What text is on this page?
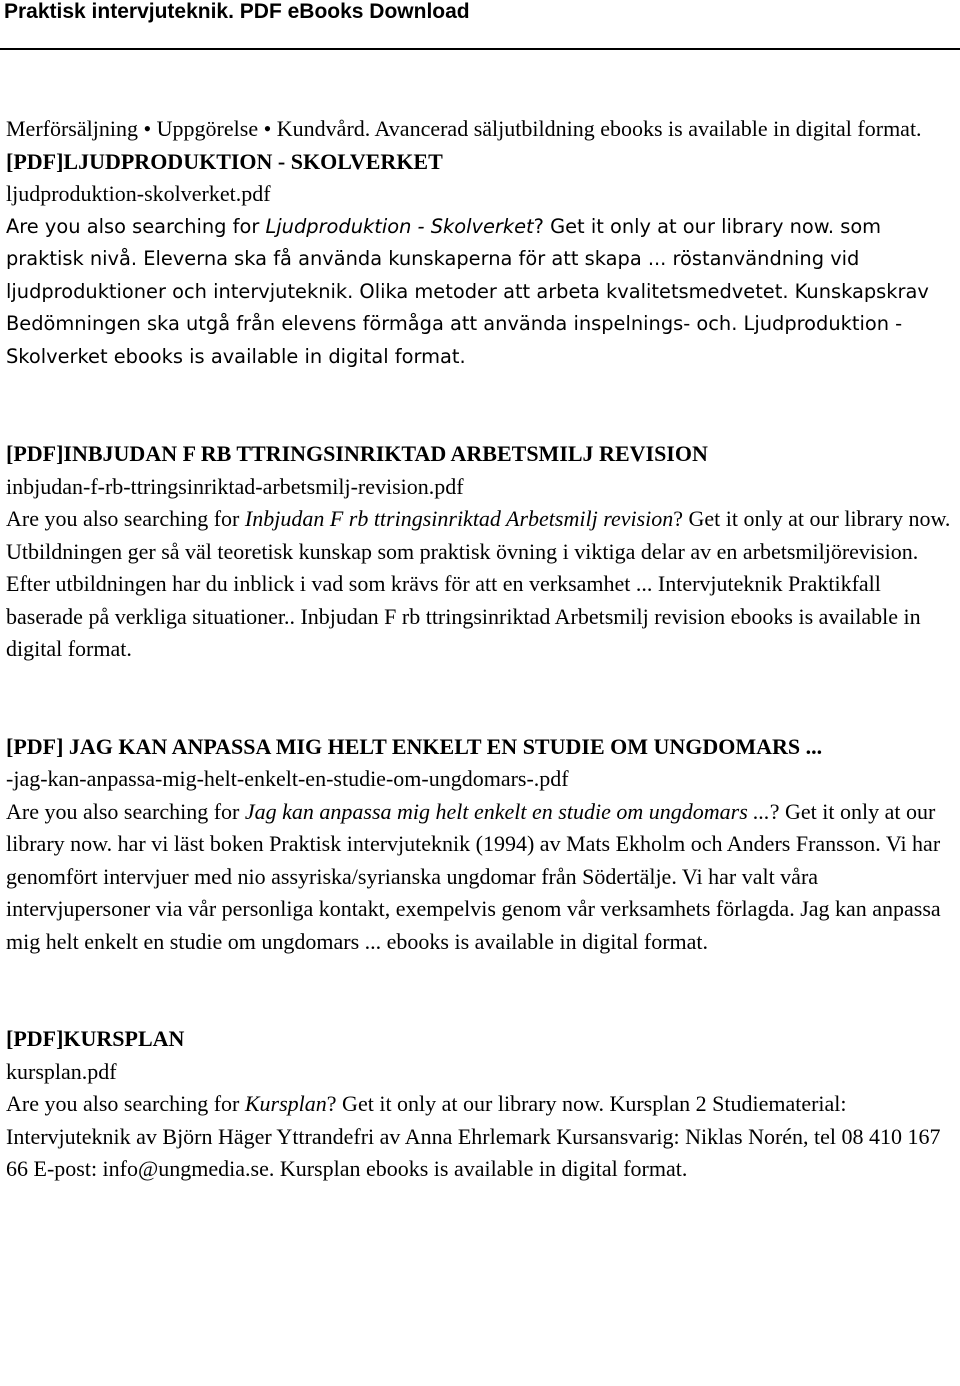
Praktisk intervjuteknik. PDF eBooks Download

Merförsäljning • Uppgörelse • Kundvård. Avancerad säljutbildning ebooks is available in digital format.

[PDF]LJUDPRODUKTION - SKOLVERKET

ljudproduktion-skolverket.pdf

Are you also searching for Ljudproduktion - Skolverket? Get it only at our library now. som praktisk nivå. Eleverna ska få använda kunskaperna för att skapa ... röstanvändning vid ljudproduktioner och intervjuteknik. Olika metoder att arbeta kvalitetsmedvetet. Kunskapskrav Bedömningen ska utgå från elevens förmåga att använda inspelnings- och. Ljudproduktion - Skolverket ebooks is available in digital format.

[PDF]INBJUDAN F RB TTRINGSINRIKTAD ARBETSMILJ REVISION

inbjudan-f-rb-ttringsinriktad-arbetsmilj-revision.pdf

Are you also searching for Inbjudan F rb ttringsinriktad Arbetsmilj revision? Get it only at our library now. Utbildningen ger så väl teoretisk kunskap som praktisk övning i viktiga delar av en arbetsmiljörevision. Efter utbildningen har du inblick i vad som krävs för att en verksamhet ... Intervjuteknik Praktikfall baserade på verkliga situationer.. Inbjudan F rb ttringsinriktad Arbetsmilj revision ebooks is available in digital format.

[PDF] JAG KAN ANPASSA MIG HELT ENKELT EN STUDIE OM UNGDOMARS ...

-jag-kan-anpassa-mig-helt-enkelt-en-studie-om-ungdomars-.pdf

Are you also searching for Jag kan anpassa mig helt enkelt en studie om ungdomars ...? Get it only at our library now. har vi läst boken Praktisk intervjuteknik (1994) av Mats Ekholm och Anders Fransson. Vi har genomfört intervjuer med nio assyriska/syrianska ungdomar från Södertälje. Vi har valt våra intervjupersoner via vår personliga kontakt, exempelvis genom vår verksamhets förlagda. Jag kan anpassa mig helt enkelt en studie om ungdomars ... ebooks is available in digital format.

[PDF]KURSPLAN

kursplan.pdf

Are you also searching for Kursplan? Get it only at our library now. Kursplan 2 Studiematerial: Intervjuteknik av Björn Häger Yttrandefri av Anna Ehrlemark Kursansvarig: Niklas Norén, tel 08 410 167 66 E-post: info@ungmedia.se. Kursplan ebooks is available in digital format.
